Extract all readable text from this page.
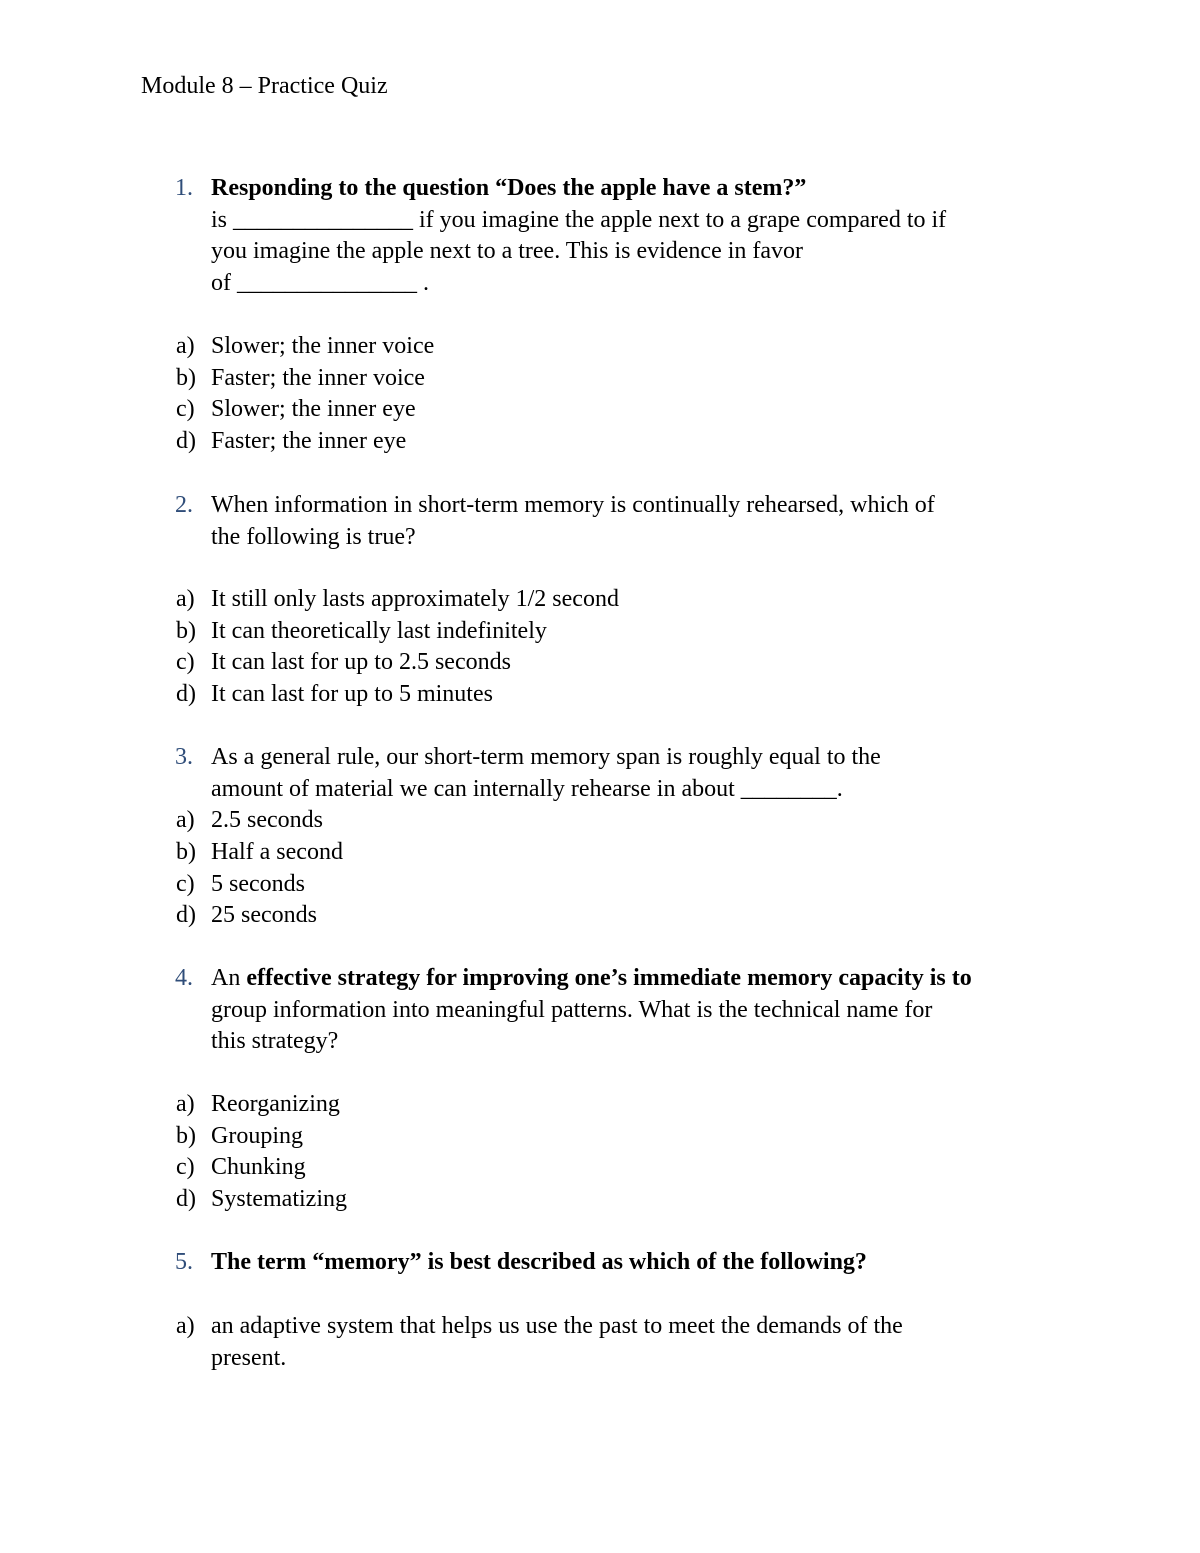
Module 8 – Practice Quiz
1. Responding to the question “Does the apple have a stem?”
is _______________ if you imagine the apple next to a grape compared to if
you imagine the apple next to a tree. This is evidence in favor
of _______________ .
a) Slower; the inner voice
b) Faster; the inner voice
c) Slower; the inner eye
d) Faster; the inner eye
2. When information in short-term memory is continually rehearsed, which of
the following is true?
a) It still only lasts approximately 1/2 second
b) It can theoretically last indefinitely
c) It can last for up to 2.5 seconds
d) It can last for up to 5 minutes
3. As a general rule, our short-term memory span is roughly equal to the
amount of material we can internally rehearse in about ________.
a) 2.5 seconds
b) Half a second
c) 5 seconds
d) 25 seconds
4. An effective strategy for improving one’s immediate memory capacity is to
group information into meaningful patterns. What is the technical name for
this strategy?
a) Reorganizing
b) Grouping
c) Chunking
d) Systematizing
5. The term “memory” is best described as which of the following?
a) an adaptive system that helps us use the past to meet the demands of the
present.
